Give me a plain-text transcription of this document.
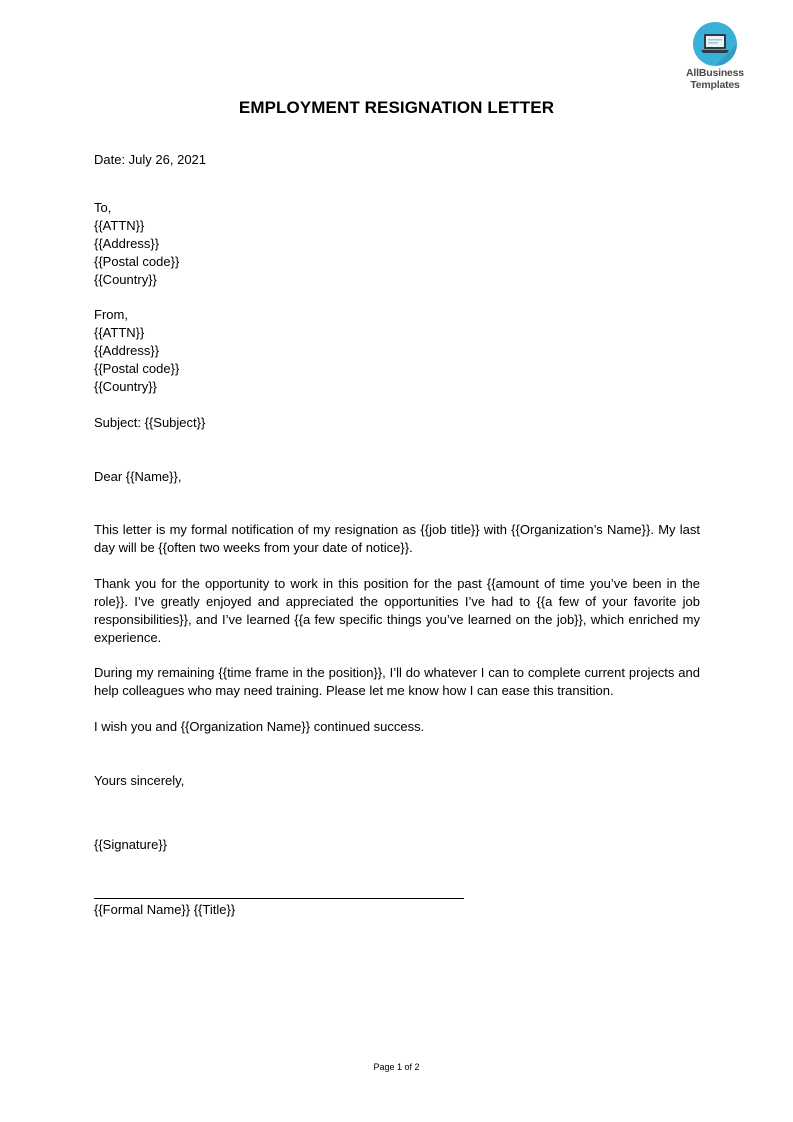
AllBusiness
Templates
EMPLOYMENT RESIGNATION LETTER
Date: July 26, 2021
To,
{{ATTN}}
{{Address}}
{{Postal code}}
{{Country}}
From,
{{ATTN}}
{{Address}}
{{Postal code}}
{{Country}}
Subject: {{Subject}}
Dear {{Name}},

This letter is my formal notification of my resignation as {{job title}} with {{Organization’s Name}}. My last day will be {{often two weeks from your date of notice}}.

Thank you for the opportunity to work in this position for the past {{amount of time you’ve been in the role}}. I’ve greatly enjoyed and appreciated the opportunities I’ve had to {{a few of your favorite job responsibilities}}, and I’ve learned {{a few specific things you’ve learned on the job}}, which enriched my experience.

During my remaining {{time frame in the position}}, I’ll do whatever I can to complete current projects and help colleagues who may need training. Please let me know how I can ease this transition.

I wish you and {{Organization Name}} continued success.

Yours sincerely,
{{Signature}}
{{Formal Name}} {{Title}}
Page 1 of 2
